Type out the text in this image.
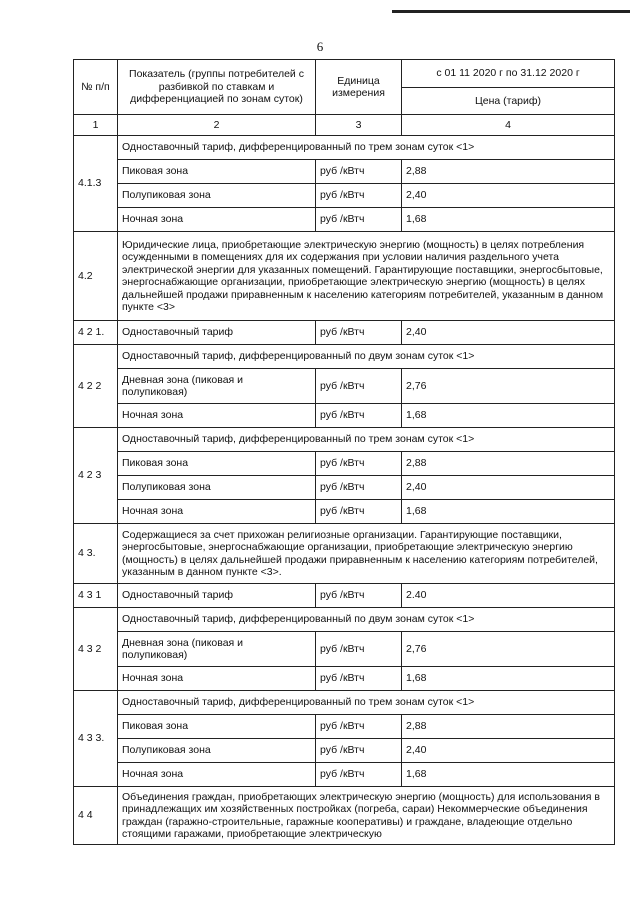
6
№ п/п	Показатель (группы потребителей с разбивкой по ставкам и дифференциацией по зонам суток)	Единица измерения	с 01 11 2020 г по 31.12 2020 г
			Цена (тариф)
1	2	3	4
4.1.3	Одноставочный тариф, дифференцированный по трем зонам суток <1>		
	Пиковая зона	руб /кВтч	2,88
	Полупиковая зона	руб /кВтч	2,40
	Ночная зона	руб /кВтч	1,68
4.2	Юридические лица, приобретающие электрическую энергию (мощность) в целях потребления осужденными в помещениях для их содержания при условии наличия раздельного учета электрической энергии для указанных помещений. Гарантирующие поставщики, энергосбытовые, энергоснабжающие организации, приобретающие электрическую энергию (мощность) в целях дальнейшей продажи приравненным к населению категориям потребителей, указанным в данном пункте <3>		
4 2 1.	Одноставочный тариф	руб /кВтч	2,40
4 2 2	Одноставочный тариф, дифференцированный по двум зонам суток <1>		
	Дневная зона (пиковая и полупиковая)	руб /кВтч	2,76
	Ночная зона	руб /кВтч	1,68
4 2 3	Одноставочный тариф, дифференцированный по трем зонам суток <1>		
	Пиковая зона	руб /кВтч	2,88
	Полупиковая зона	руб /кВтч	2,40
	Ночная зона	руб /кВтч	1,68
4 3.	Содержащиеся за счет прихожан религиозные организации. Гарантирующие поставщики, энергосбытовые, энергоснабжающие организации, приобретающие электрическую энергию (мощность) в целях дальнейшей продажи приравненным к населению категориям потребителей, указанным в данном пункте <3>.		
4 3 1	Одноставочный тариф	руб /кВтч	2.40
4 3 2	Одноставочный тариф, дифференцированный по двум зонам суток <1>		
	Дневная зона (пиковая и полупиковая)	руб /кВтч	2,76
	Ночная зона	руб /кВтч	1,68
4 3 3.	Одноставочный тариф, дифференцированный по трем зонам суток <1>		
	Пиковая зона	руб /кВтч	2,88
	Полупиковая зона	руб /кВтч	2,40
	Ночная зона	руб /кВтч	1,68
4 4	Объединения граждан, приобретающих электрическую энергию (мощность) для использования в принадлежащих им хозяйственных постройках (погреба, сараи) Некоммерческие объединения граждан (гаражно-строительные, гаражные кооперативы) и граждане, владеющие отдельно стоящими гаражами, приобретающие электрическую		
